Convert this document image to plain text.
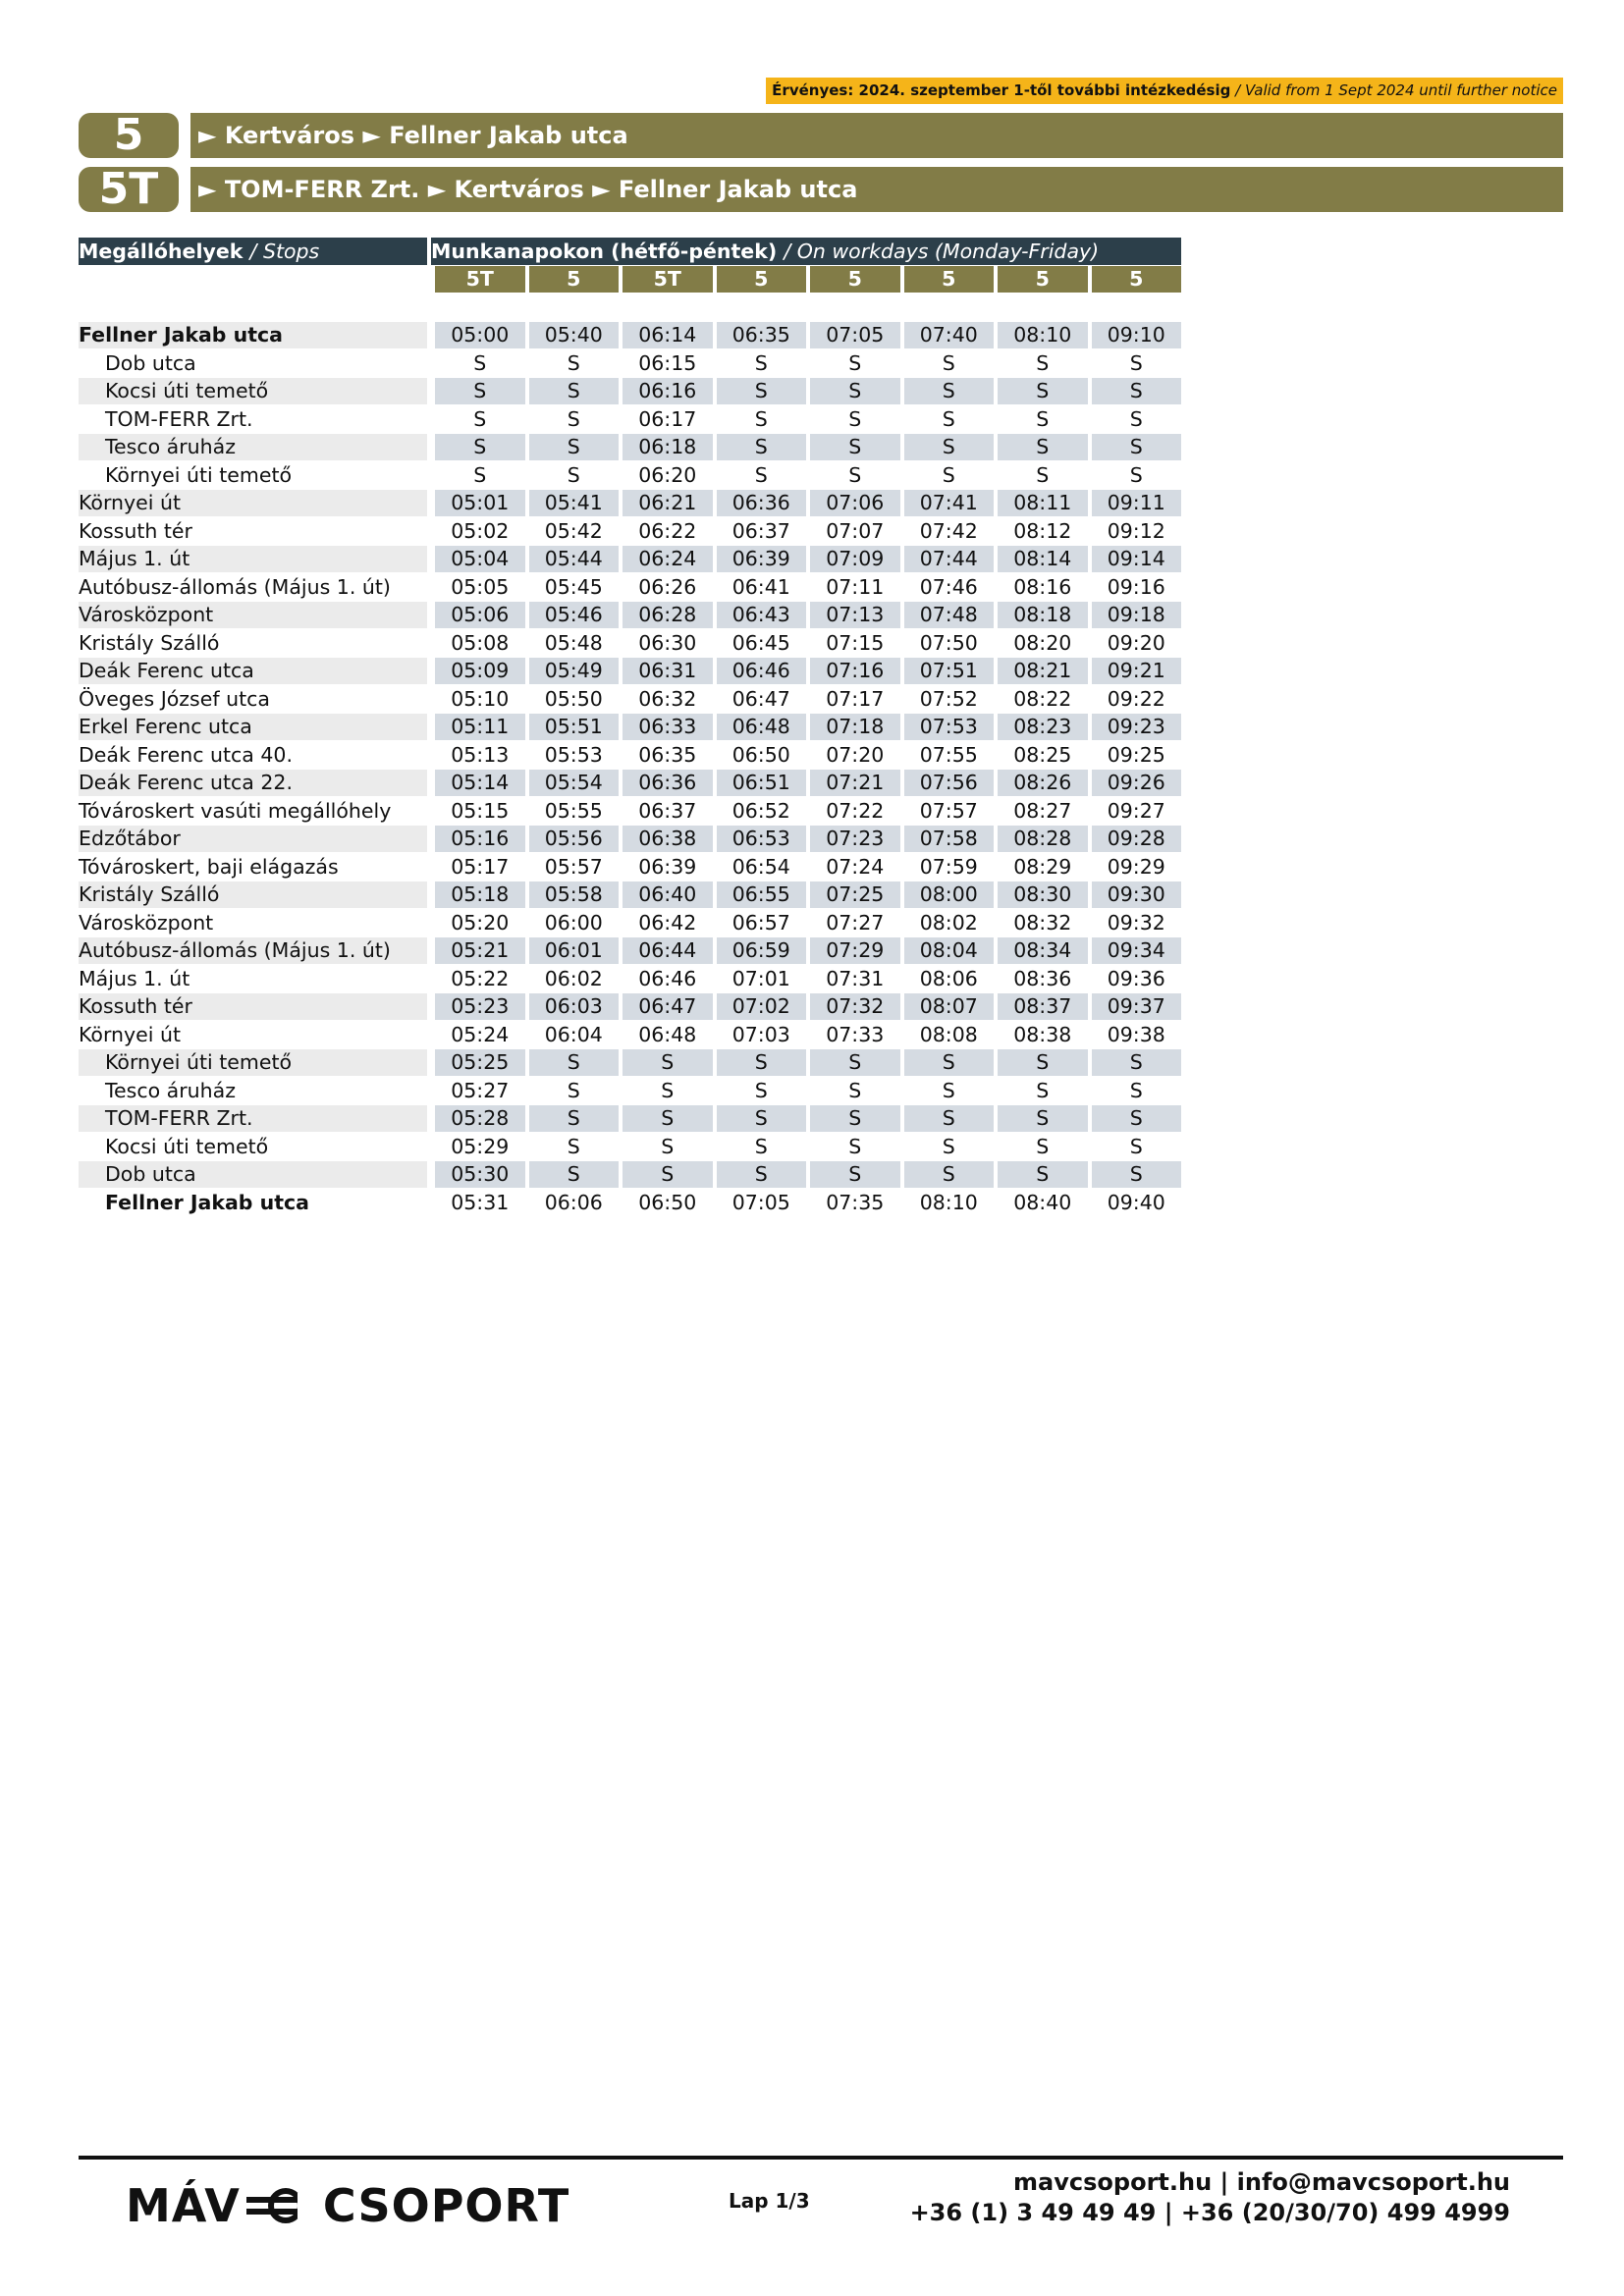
Érvényes: 2024. szeptember 1-től további intézkedésig / Valid from 1 Sept 2024 until further notice
5	► Kertváros ► Fellner Jakab utca
5T	► TOM-FERR Zrt. ► Kertváros ► Fellner Jakab utca
Megállóhelyek / Stops		Munkanapokon (hétfő-péntek) / On workdays (Monday-Friday)							
		5T	5	5T	5	5	5	5	5

Fellner Jakab utca		05:00	05:40	06:14	06:35	07:05	07:40	08:10	09:10
Dob utca		S	S	06:15	S	S	S	S	S
Kocsi úti temető		S	S	06:16	S	S	S	S	S
TOM-FERR Zrt.		S	S	06:17	S	S	S	S	S
Tesco áruház		S	S	06:18	S	S	S	S	S
Környei úti temető		S	S	06:20	S	S	S	S	S
Környei út		05:01	05:41	06:21	06:36	07:06	07:41	08:11	09:11
Kossuth tér		05:02	05:42	06:22	06:37	07:07	07:42	08:12	09:12
Május 1. út		05:04	05:44	06:24	06:39	07:09	07:44	08:14	09:14
Autóbusz-állomás (Május 1. út)		05:05	05:45	06:26	06:41	07:11	07:46	08:16	09:16
Városközpont		05:06	05:46	06:28	06:43	07:13	07:48	08:18	09:18
Kristály Szálló		05:08	05:48	06:30	06:45	07:15	07:50	08:20	09:20
Deák Ferenc utca		05:09	05:49	06:31	06:46	07:16	07:51	08:21	09:21
Öveges József utca		05:10	05:50	06:32	06:47	07:17	07:52	08:22	09:22
Erkel Ferenc utca		05:11	05:51	06:33	06:48	07:18	07:53	08:23	09:23
Deák Ferenc utca 40.		05:13	05:53	06:35	06:50	07:20	07:55	08:25	09:25
Deák Ferenc utca 22.		05:14	05:54	06:36	06:51	07:21	07:56	08:26	09:26
Tóvároskert vasúti megállóhely		05:15	05:55	06:37	06:52	07:22	07:57	08:27	09:27
Edzőtábor		05:16	05:56	06:38	06:53	07:23	07:58	08:28	09:28
Tóvároskert, baji elágazás		05:17	05:57	06:39	06:54	07:24	07:59	08:29	09:29
Kristály Szálló		05:18	05:58	06:40	06:55	07:25	08:00	08:30	09:30
Városközpont		05:20	06:00	06:42	06:57	07:27	08:02	08:32	09:32
Autóbusz-állomás (Május 1. út)		05:21	06:01	06:44	06:59	07:29	08:04	08:34	09:34
Május 1. út		05:22	06:02	06:46	07:01	07:31	08:06	08:36	09:36
Kossuth tér		05:23	06:03	06:47	07:02	07:32	08:07	08:37	09:37
Környei út		05:24	06:04	06:48	07:03	07:33	08:08	08:38	09:38
Környei úti temető		05:25	S	S	S	S	S	S	S
Tesco áruház		05:27	S	S	S	S	S	S	S
TOM-FERR Zrt.		05:28	S	S	S	S	S	S	S
Kocsi úti temető		05:29	S	S	S	S	S	S	S
Dob utca		05:30	S	S	S	S	S	S	S
Fellner Jakab utca		05:31	06:06	06:50	07:05	07:35	08:10	08:40	09:40
MÁV CSOPORT	Lap 1/3
mavcsoport.hu | info@mavcsoport.hu
+36 (1) 3 49 49 49 | +36 (20/30/70) 499 4999
